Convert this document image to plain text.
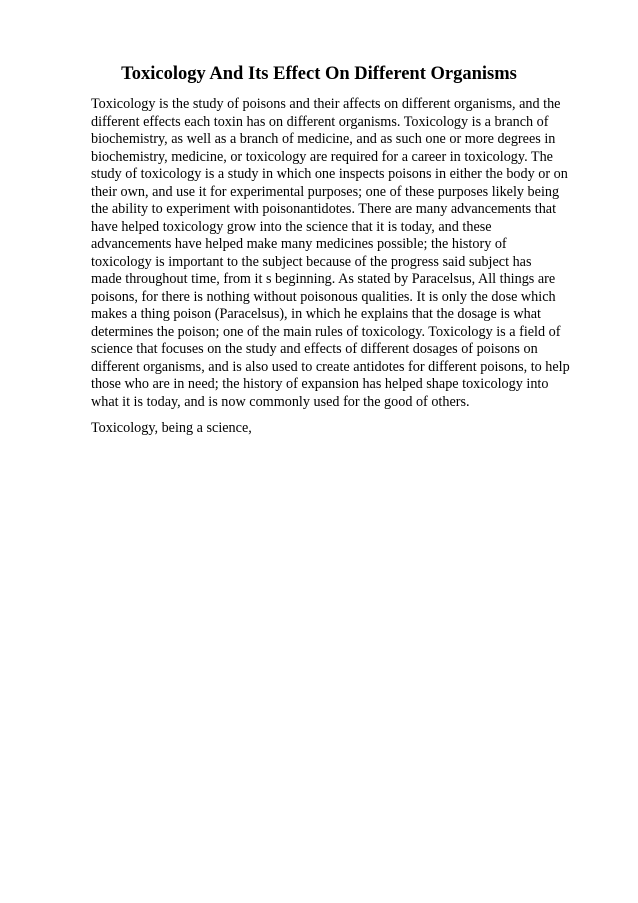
Toxicology And Its Effect On Different Organisms
Toxicology is the study of poisons and their affects on different organisms, and the
different effects each toxin has on different organisms. Toxicology is a branch of
biochemistry, as well as a branch of medicine, and as such one or more degrees in
biochemistry, medicine, or toxicology are required for a career in toxicology. The
study of toxicology is a study in which one inspects poisons in either the body or on
their own, and use it for experimental purposes; one of these purposes likely being
the ability to experiment with poisonantidotes. There are many advancements that
have helped toxicology grow into the science that it is today, and these
advancements have helped make many medicines possible; the history of
toxicology is important to the subject because of the progress said subject has
made throughout time, from it s beginning. As stated by Paracelsus, All things are
poisons, for there is nothing without poisonous qualities. It is only the dose which
makes a thing poison (Paracelsus), in which he explains that the dosage is what
determines the poison; one of the main rules of toxicology. Toxicology is a field of
science that focuses on the study and effects of different dosages of poisons on
different organisms, and is also used to create antidotes for different poisons, to help
those who are in need; the history of expansion has helped shape toxicology into
what it is today, and is now commonly used for the good of others.
Toxicology, being a science,
